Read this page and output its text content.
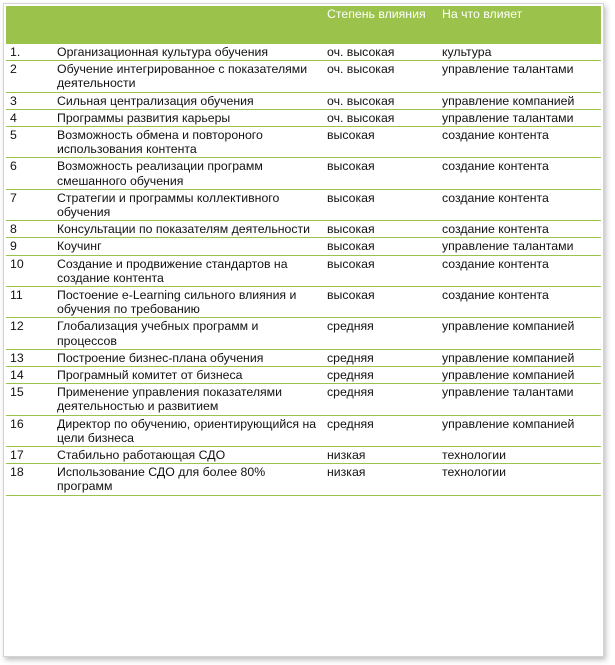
		Степень влияния	На что влияет
1.	Организационная культура обучения	оч. высокая	культура
2	Обучение интегрированное с показателями деятельности	оч. высокая	управление талантами
3	Сильная централизация обучения	оч. высокая	управление компанией
4	Программы развития карьеры	оч. высокая	управление талантами
5	Возможность обмена и повтороного использования контента	высокая	создание контента
6	Возможность реализации программ смешанного обучения	высокая	создание контента
7	Стратегии и программы коллективного обучения	высокая	создание контента
8	Консультации по показателям деятельности	высокая	создание контента
9	Коучинг	высокая	управление талантами
10	Создание и продвижение стандартов на создание контента	высокая	создание контента
11	Постоение e-Learning сильного влияния и обучения по требованию	высокая	создание контента
12	Глобализация учебных программ и процессов	средняя	управление компанией
13	Построение бизнес-плана обучения	средняя	управление компанией
14	Програмный комитет от бизнеса	средняя	управление компанией
15	Применение управления показателями деятельностью и развитием	средняя	управление талантами
16	Директор по обучению, ориентирующийся на цели бизнеса	средняя	управление компанией
17	Стабильно работающая СДО	низкая	технологии
18	Использование СДО для более 80% программ	низкая	технологии
